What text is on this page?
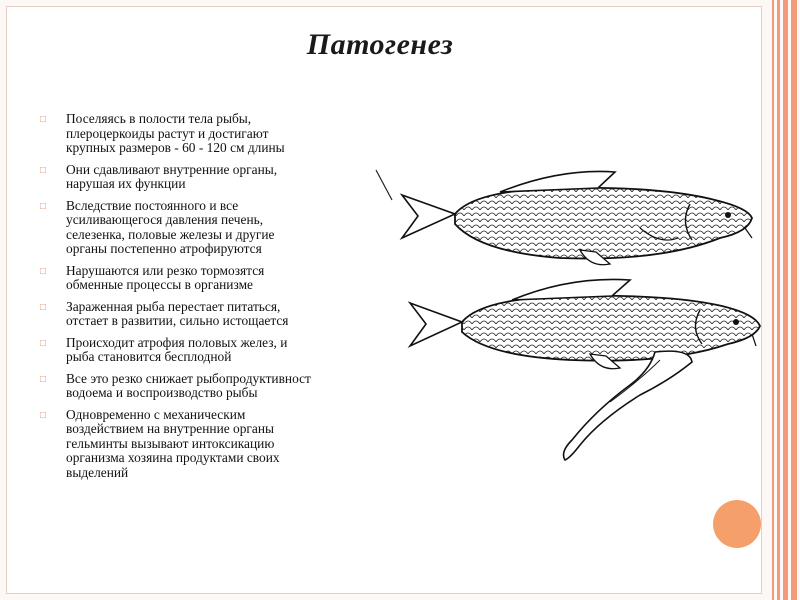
Патогенез
□ Поселяясь в полости тела рыбы,
плероцеркоиды растут и достигают
крупных размеров - 60 - 120 см длины
□ Они сдавливают внутренние органы,
нарушая их функции
□ Вследствие постоянного и все
усиливающегося давления печень,
селезенка, половые железы и другие
органы постепенно атрофируются
□ Нарушаются или резко тормозятся
обменные процессы в организме
□ Зараженная рыба перестает питаться,
отстает в развитии, сильно истощается
□ Происходит атрофия половых желез, и
рыба становится бесплодной
□ Все это резко снижает рыбопродуктивност
водоема и воспроизводство рыбы
□ Одновременно с механическим
воздействием на внутренние органы
гельминты вызывают интоксикацию
организма хозяина продуктами своих
выделений
